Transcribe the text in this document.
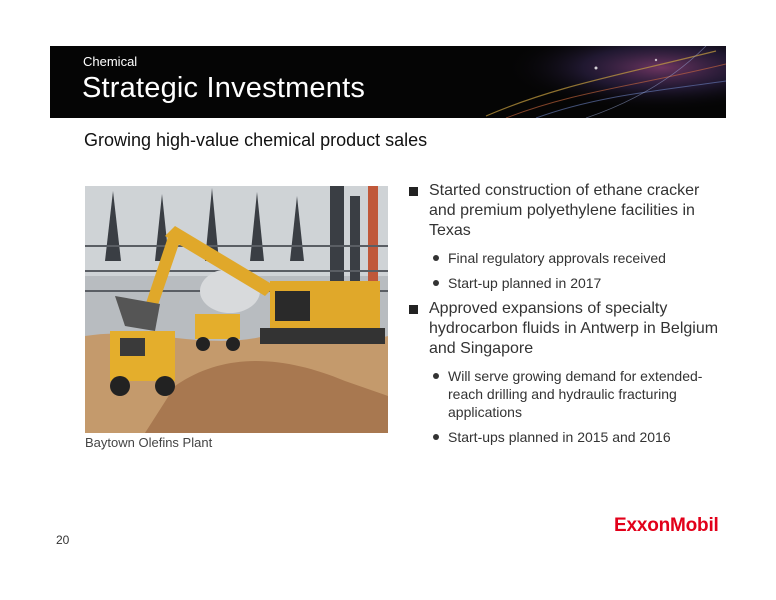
Chemical
Strategic Investments
Growing high-value chemical product sales
Baytown Olefins Plant
Started construction of ethane cracker and premium polyethylene facilities in Texas
Final regulatory approvals received
Start-up planned in 2017
Approved expansions of specialty hydrocarbon fluids in Antwerp in Belgium and Singapore
Will serve growing demand for extended-reach drilling and hydraulic fracturing applications
Start-ups planned in 2015 and 2016
ExxonMobil
20
